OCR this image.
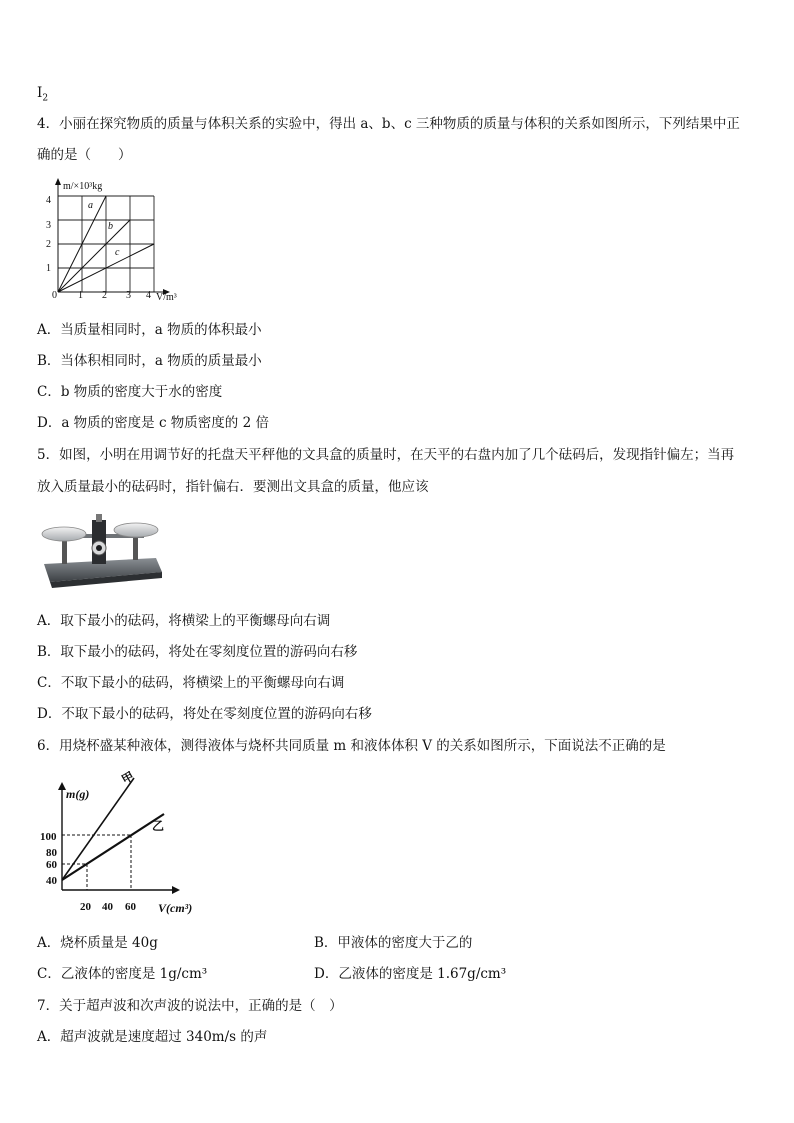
$I_2$
4．小丽在探究物质的质量与体积关系的实验中，得出 a、b、c 三种物质的质量与体积的关系如图所示，下列结果中正
确的是（　　）
a
b
c
m/×10³kg
V/m³
0 1 2 3 4
1
2
3
4
A．当质量相同时，a 物质的体积最小
B．当体积相同时，a 物质的质量最小
C．b 物质的密度大于水的密度
D．a 物质的密度是 c 物质密度的 2 倍
5．如图，小明在用调节好的托盘天平秤他的文具盒的质量时，在天平的右盘内加了几个砝码后，发现指针偏左；当再
放入质量最小的砝码时，指针偏右．要测出文具盒的质量，他应该
A．取下最小的砝码，将横梁上的平衡螺母向右调
B．取下最小的砝码，将处在零刻度位置的游码向右移
C．不取下最小的砝码，将横梁上的平衡螺母向右调
D．不取下最小的砝码，将处在零刻度位置的游码向右移
6．用烧杯盛某种液体，测得液体与烧杯共同质量 m 和液体体积 V 的关系如图所示，下面说法不正确的是
m(g)
V(cm³)
甲
乙
100
80
60
40
20 40 60
A．烧杯质量是 40g	B．甲液体的密度大于乙的
C．乙液体的密度是 1g/cm³	D．乙液体的密度是 1.67g/cm³
7．关于超声波和次声波的说法中，正确的是（　）
A．超声波就是速度超过 340m/s 的声
